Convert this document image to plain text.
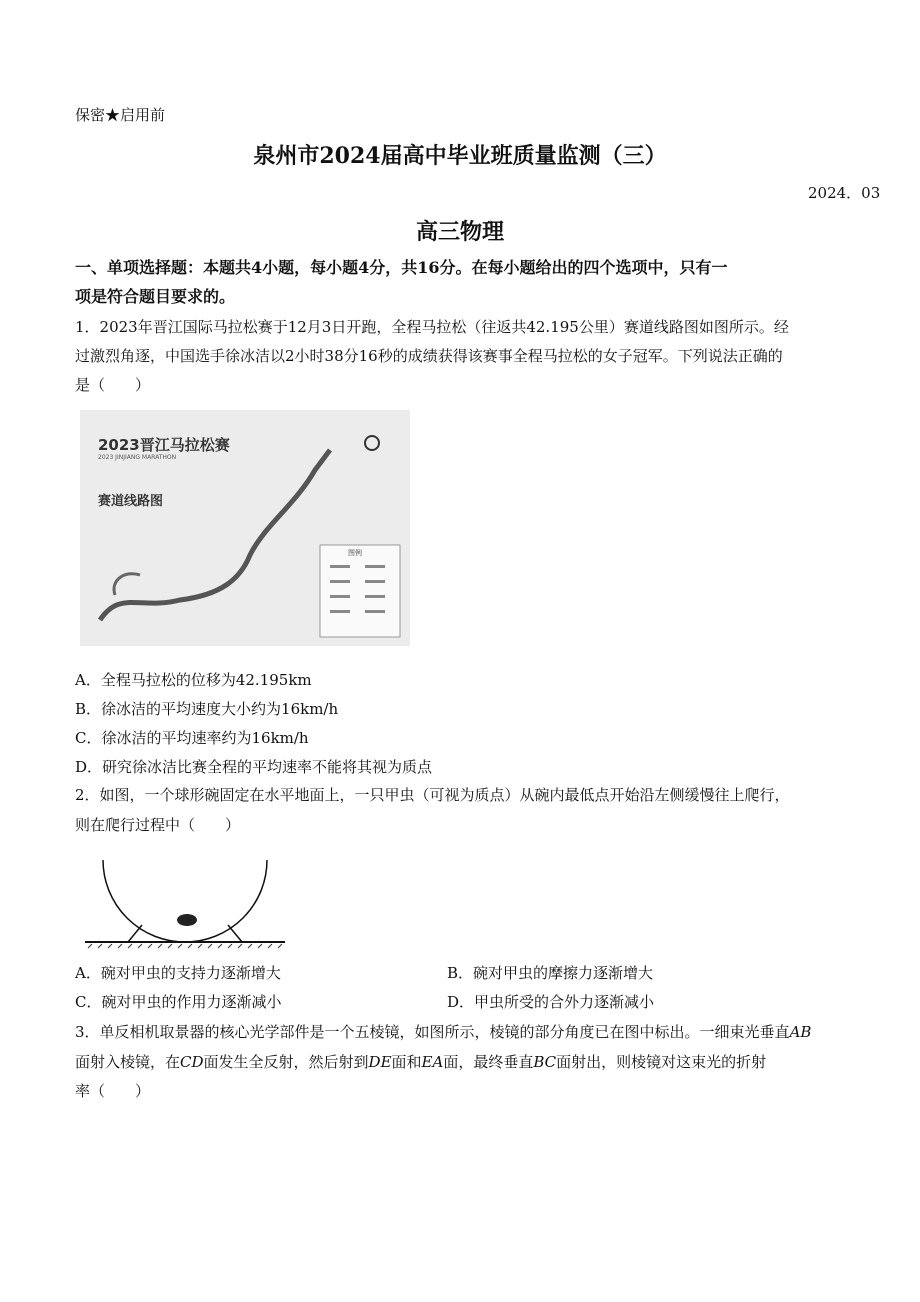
保密★启用前
泉州市2024届高中毕业班质量监测（三）
2024．03
高三物理
一、单项选择题：本题共4小题，每小题4分，共16分。在每小题给出的四个选项中，只有一
项是符合题目要求的。
1．2023年晋江国际马拉松赛于12月3日开跑，全程马拉松（往返共42.195公里）赛道线路图如图所示。经
过激烈角逐，中国选手徐冰洁以2小时38分16秒的成绩获得该赛事全程马拉松的女子冠军。下列说法正确的
是（　　）
2023晋江马拉松赛
2023 JINJIANG MARATHON
赛道线路图
图例
A．全程马拉松的位移为42.195km
B．徐冰洁的平均速度大小约为16km/h
C．徐冰洁的平均速率约为16km/h
D．研究徐冰洁比赛全程的平均速率不能将其视为质点
2．如图，一个球形碗固定在水平地面上，一只甲虫（可视为质点）从碗内最低点开始沿左侧缓慢往上爬行，
则在爬行过程中（　　）
A．碗对甲虫的支持力逐渐增大	B．碗对甲虫的摩擦力逐渐增大
C．碗对甲虫的作用力逐渐减小	D．甲虫所受的合外力逐渐减小
3．单反相机取景器的核心光学部件是一个五棱镜，如图所示，棱镜的部分角度已在图中标出。一细束光垂直AB
面射入棱镜，在CD面发生全反射，然后射到DE面和EA面，最终垂直BC面射出，则棱镜对这束光的折射
率（　　）
